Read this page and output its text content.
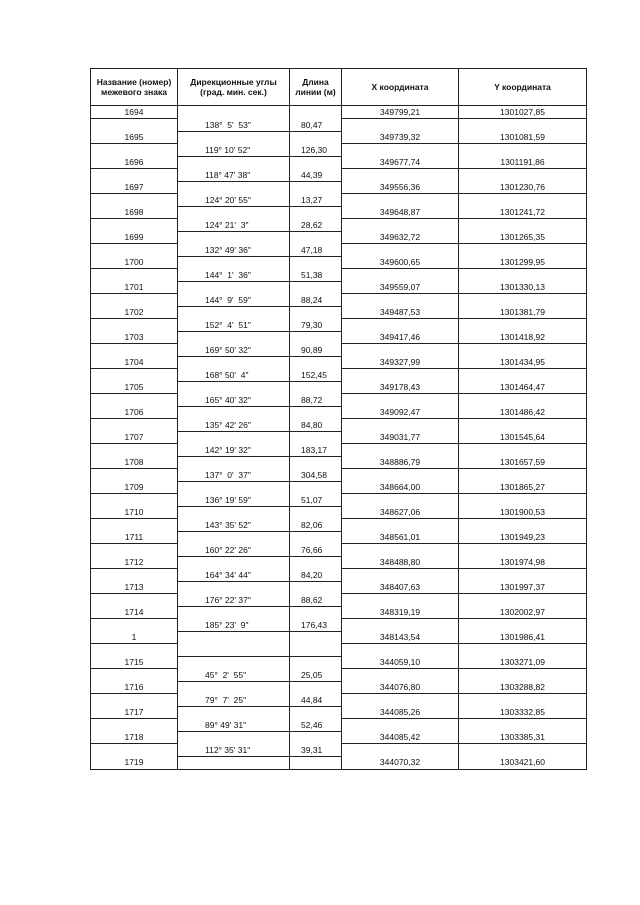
Название (номер) межевого знака	Дирекционные углы (град. мин. сек.)	Длина линии (м)	X координата	Y координата
1694			349799,21	1301027,85
	138°  5'  53"	80,47		
1695			349739,32	1301081,59
	119° 10' 52"	126,30		
1696			349677,74	1301191,86
	118° 47' 38"	44,39		
1697			349556,36	1301230,76
	124° 20' 55"	13,27		
1698			349648,87	1301241,72
	124° 21'  3"	28,62		
1699			349632,72	1301265,35
	132° 49' 36"	47,18		
1700			349600,65	1301299,95
	144°  1'  36"	51,38		
1701			349559,07	1301330,13
	144°  9'  59"	88,24		
1702			349487,53	1301381,79
	152°  4'  51"	79,30		
1703			349417,46	1301418,92
	169° 50' 32"	90,89		
1704			349327,99	1301434,95
	168° 50'  4"	152,45		
1705			349178,43	1301464,47
	165° 40' 32"	88,72		
1706			349092,47	1301486,42
	135° 42' 26"	84,80		
1707			349031,77	1301545,64
	142° 19' 32"	183,17		
1708			348886,79	1301657,59
	137°  0'  37"	304,58		
1709			348664,00	1301865,27
	136° 19' 59"	51,07		
1710			348627,06	1301900,53
	143° 35' 52"	82,06		
1711			348561,01	1301949,23
	160° 22' 26"	76,66		
1712			348488,80	1301974,98
	164° 34' 44"	84,20		
1713			348407,63	1301997,37
	176° 22' 37"	88,62		
1714			348319,19	1302002,97
	185° 23'  9"	176,43		
1			348143,54	1301986,41

1715			344059,10	1303271,09
	45°  2'  55"	25,05		
1716			344076,80	1303288,82
	79°  7'  25"	44,84		
1717			344085,26	1303332,85
	89° 49' 31"	52,46		
1718			344085,42	1303385,31
	112° 35' 31"	39,31		
1719			344070,32	1303421,60
